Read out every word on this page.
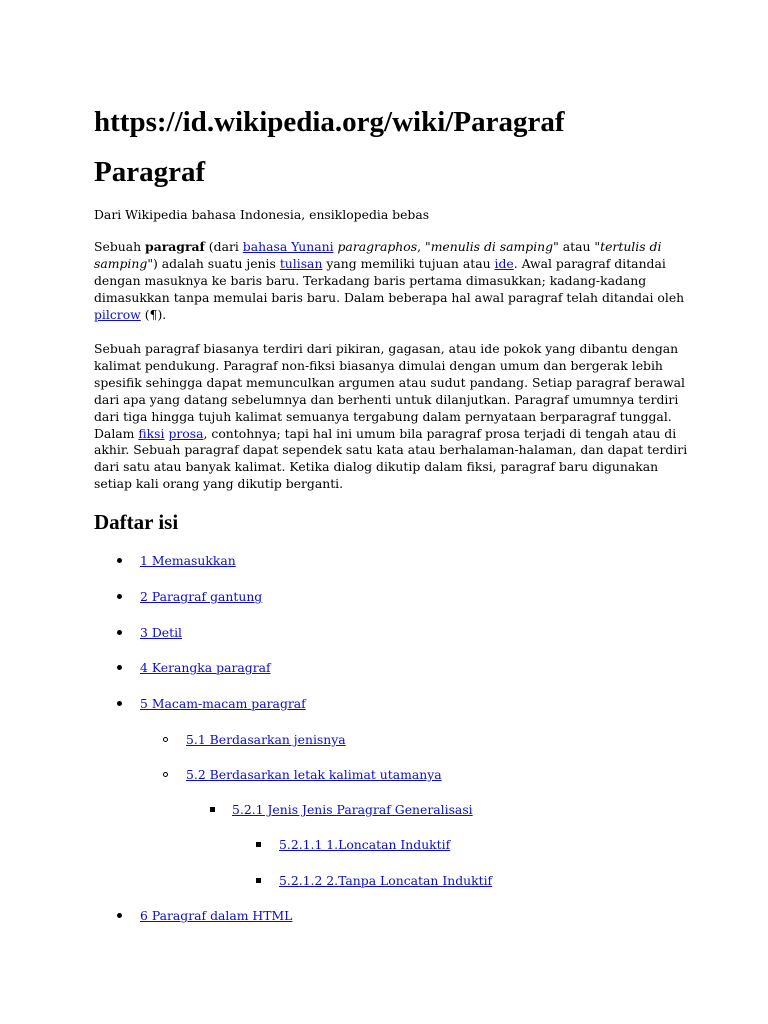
https://id.wikipedia.org/wiki/Paragraf
Paragraf

Dari Wikipedia bahasa Indonesia, ensiklopedia bebas

Sebuah paragraf (dari bahasa Yunani paragraphos, "menulis di samping" atau "tertulis di
samping") adalah suatu jenis tulisan yang memiliki tujuan atau ide. Awal paragraf ditandai
dengan masuknya ke baris baru. Terkadang baris pertama dimasukkan; kadang-kadang
dimasukkan tanpa memulai baris baru. Dalam beberapa hal awal paragraf telah ditandai oleh
pilcrow (¶).
Sebuah paragraf biasanya terdiri dari pikiran, gagasan, atau ide pokok yang dibantu dengan
kalimat pendukung. Paragraf non-fiksi biasanya dimulai dengan umum dan bergerak lebih
spesifik sehingga dapat memunculkan argumen atau sudut pandang. Setiap paragraf berawal
dari apa yang datang sebelumnya dan berhenti untuk dilanjutkan. Paragraf umumnya terdiri
dari tiga hingga tujuh kalimat semuanya tergabung dalam pernyataan berparagraf tunggal.
Dalam fiksi prosa, contohnya; tapi hal ini umum bila paragraf prosa terjadi di tengah atau di
akhir. Sebuah paragraf dapat sependek satu kata atau berhalaman-halaman, dan dapat terdiri
dari satu atau banyak kalimat. Ketika dialog dikutip dalam fiksi, paragraf baru digunakan
setiap kali orang yang dikutip berganti.
Daftar isi
1 Memasukkan
2 Paragraf gantung
3 Detil
4 Kerangka paragraf
5 Macam-macam paragraf
5.1 Berdasarkan jenisnya
5.2 Berdasarkan letak kalimat utamanya
5.2.1 Jenis Jenis Paragraf Generalisasi
5.2.1.1 1.Loncatan Induktif
5.2.1.2 2.Tanpa Loncatan Induktif
6 Paragraf dalam HTML
